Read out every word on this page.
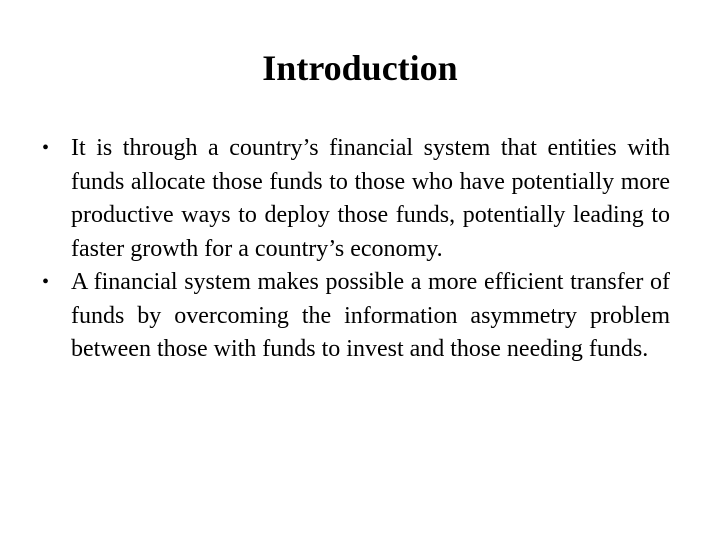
Introduction
• It is through a country’s financial system that entities with funds allocate those funds to those who have potentially more productive ways to deploy those funds, potentially leading to faster growth for a country’s economy.
• A financial system makes possible a more efficient transfer of funds by overcoming the information asymmetry problem between those with funds to invest and those needing funds.
